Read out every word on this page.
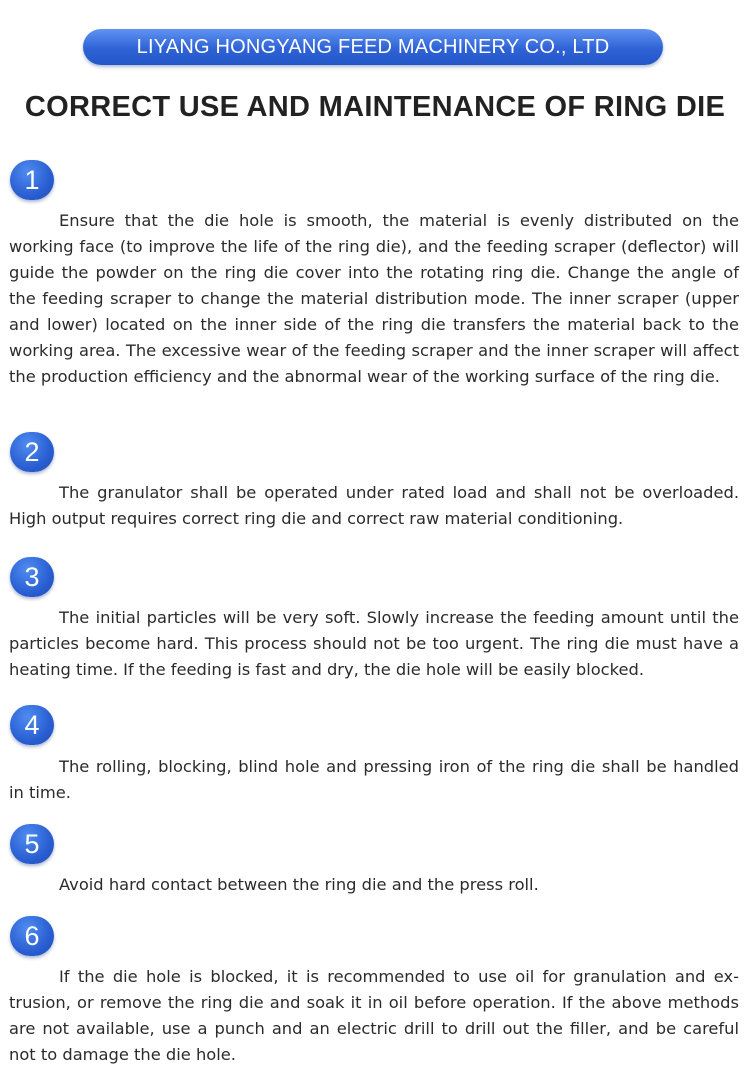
LIYANG HONGYANG FEED MACHINERY CO., LTD
CORRECT USE AND MAINTENANCE OF RING DIE
1

Ensure that the die hole is smooth, the material is evenly distributed on the working face (to improve the life of the ring die), and the feeding scraper (deflector) will guide the powder on the ring die cover into the rotating ring die. Change the angle of the feeding scraper to change the material distribution mode. The inner scraper (upper and lower) located on the inner side of the ring die transfers the material back to the working area. The excessive wear of the feeding scraper and the inner scraper will affect the production efficiency and the abnormal wear of the working surface of the ring die.

2

The granulator shall be operated under rated load and shall not be overloaded. High output requires correct ring die and correct raw material conditioning.

3

The initial particles will be very soft. Slowly increase the feeding amount until the particles become hard. This process should not be too urgent. The ring die must have a heating time. If the feeding is fast and dry, the die hole will be easily blocked.

4

The rolling, blocking, blind hole and pressing iron of the ring die shall be handled in time.

5

Avoid hard contact between the ring die and the press roll.

6

If the die hole is blocked, it is recommended to use oil for granulation and extrusion, or remove the ring die and soak it in oil before operation. If the above methods are not available, use a punch and an electric drill to drill out the filler, and be careful not to damage the die hole.
